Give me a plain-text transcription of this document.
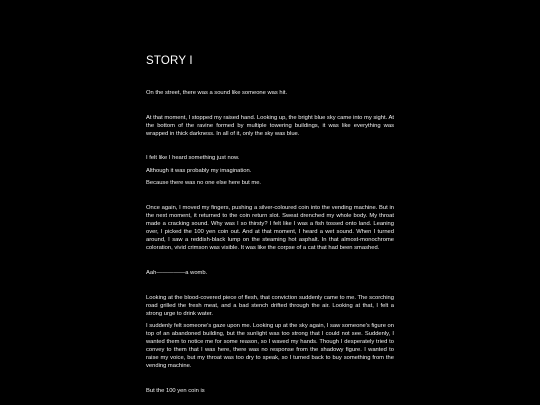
STORY I

On the street, there was a sound like someone was hit.

At that moment, I stopped my raised hand. Looking up, the bright blue sky came into my sight. At the bottom of the ravine formed by multiple towering buildings, it was like everything was wrapped in thick darkness. In all of it, only the sky was blue.

I felt like I heard something just now.

Although it was probably my imagination.

Because there was no one else here but me.

Once again, I moved my fingers, pushing a silver-coloured coin into the vending machine. But in the next moment, it returned to the coin return slot. Sweat drenched my whole body. My throat made a cracking sound. Why was I so thirsty? I felt like I was a fish tossed onto land. Leaning over, I picked the 100 yen coin out. And at that moment, I heard a wet sound. When I turned around, I saw a reddish-black lump on the steaming hot asphalt. In that almost-monochrome coloration, vivid crimson was visible. It was like the corpse of a cat that had been smashed.

Aah—————a womb.

Looking at the blood-covered piece of flesh, that conviction suddenly came to me. The scorching road grilled the fresh meat, and a bad stench drifted through the air. Looking at that, I felt a strong urge to drink water.

I suddenly felt someone's gaze upon me. Looking up at the sky again, I saw someone's figure on top of an abandoned building, but the sunlight was too strong that I could not see. Suddenly, I wanted them to notice me for some reason, so I waved my hands. Though I desperately tried to convey to them that I was here, there was no response from the shadowy figure. I wanted to raise my voice, but my throat was too dry to speak, so I turned back to buy something from the vending machine.

But the 100 yen coin is
